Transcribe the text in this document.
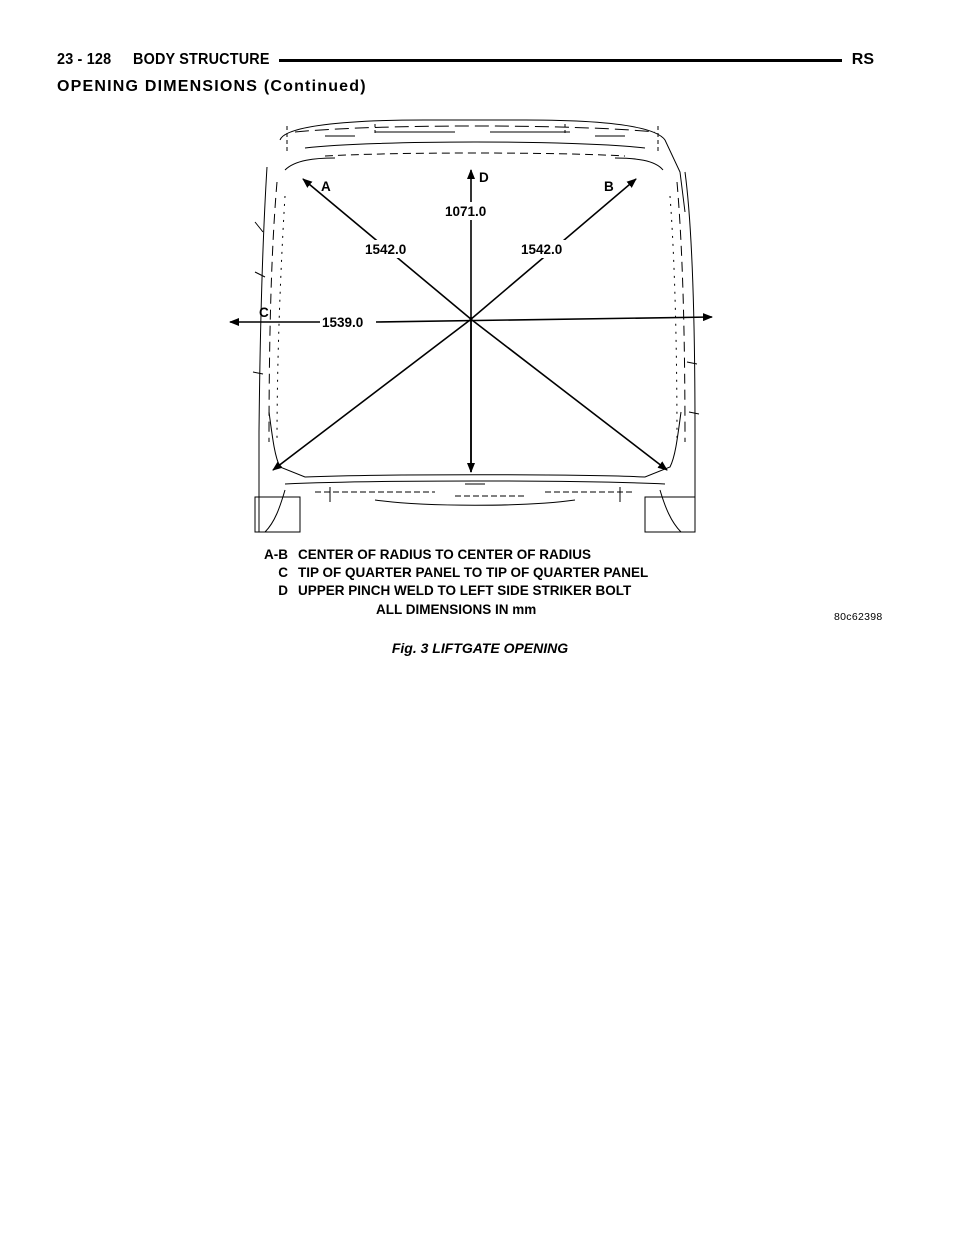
23 - 128 BODY STRUCTURE	RS
OPENING DIMENSIONS (Continued)
A	B
C
D
1071.0
1542.0	1542.0
1539.0
A-B CENTER OF RADIUS TO CENTER OF RADIUS
C TIP OF QUARTER PANEL TO TIP OF QUARTER PANEL
D UPPER PINCH WELD TO LEFT SIDE STRIKER BOLT
ALL DIMENSIONS IN mm	80c62398
Fig. 3 LIFTGATE OPENING
